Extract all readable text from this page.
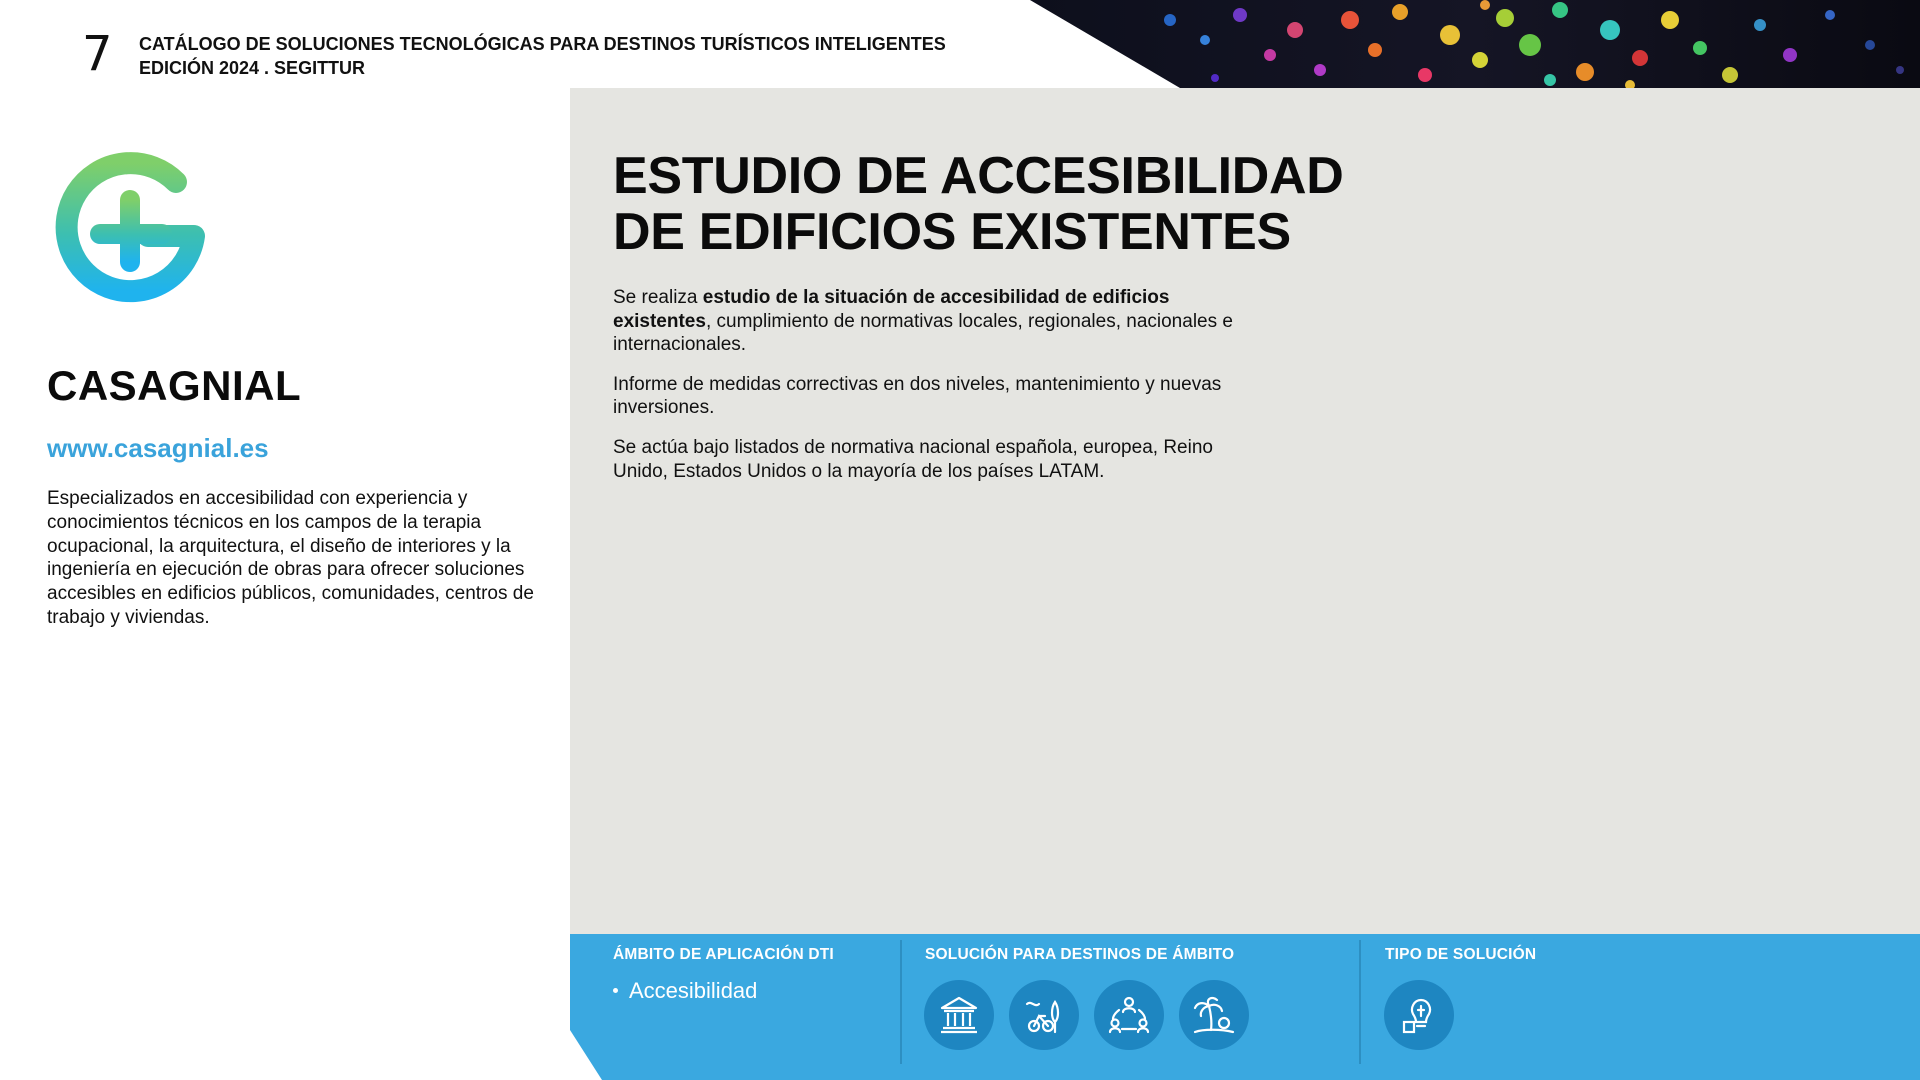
7 CATÁLOGO DE SOLUCIONES TECNOLÓGICAS PARA DESTINOS TURÍSTICOS INTELIGENTES
EDICIÓN 2024 . SEGITTUR
CASAGNIAL
www.casagnial.es
Especializados en accesibilidad con experiencia y conocimientos técnicos en los campos de la terapia ocupacional, la arquitectura, el diseño de interiores y la ingeniería en ejecución de obras para ofrecer soluciones accesibles en edificios públicos, comunidades, centros de trabajo y viviendas.
ESTUDIO DE ACCESIBILIDAD
DE EDIFICIOS EXISTENTES

Se realiza estudio de la situación de accesibilidad de edificios existentes, cumplimiento de normativas locales, regionales, nacionales e internacionales.

Informe de medidas correctivas en dos niveles, mantenimiento y nuevas inversiones.

Se actúa bajo listados de normativa nacional española, europea, Reino Unido, Estados Unidos o la mayoría de los países LATAM.

ÁMBITO DE APLICACIÓN DTI
Accesibilidad
SOLUCIÓN PARA DESTINOS DE ÁMBITO	TIPO DE SOLUCIÓN
